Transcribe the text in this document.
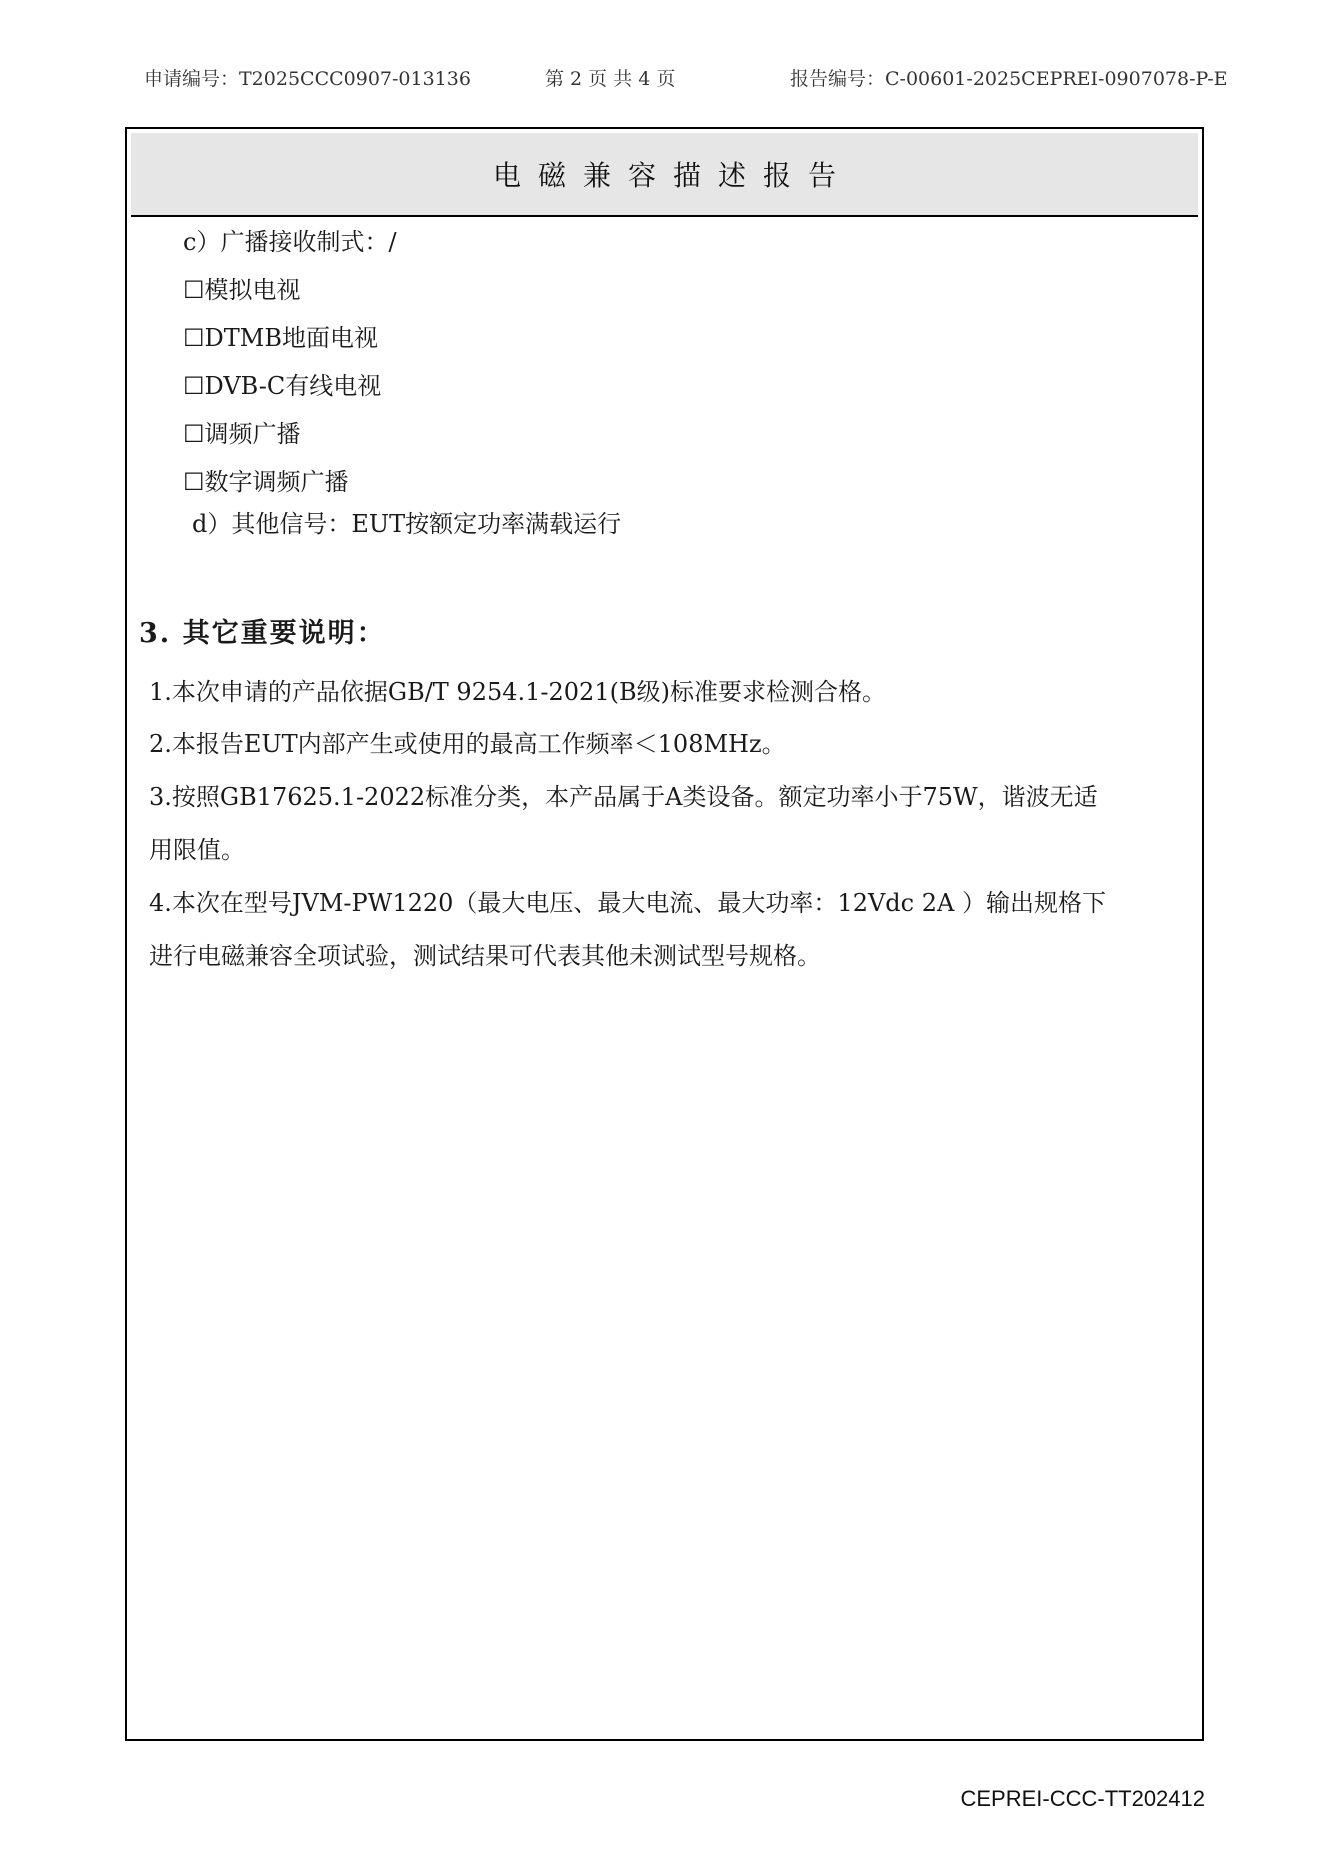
申请编号：T2025CCC0907-013136	第 2 页 共 4 页	报告编号：C-00601-2025CEPREI-0907078-P-E
电磁兼容描述报告
c）广播接收制式：/
☐模拟电视
☐DTMB地面电视
☐DVB-C有线电视
☐调频广播
☐数字调频广播
d）其他信号：EUT按额定功率满载运行
3. 其它重要说明：
1.本次申请的产品依据GB/T 9254.1-2021(B级)标准要求检测合格。
2.本报告EUT内部产生或使用的最高工作频率＜108MHz。
3.按照GB17625.1-2022标准分类，本产品属于A类设备。额定功率小于75W，谐波无适
用限值。
4.本次在型号JVM-PW1220（最大电压、最大电流、最大功率：12Vdc 2A ）输出规格下
进行电磁兼容全项试验，测试结果可代表其他未测试型号规格。
CEPREI-CCC-TT202412
